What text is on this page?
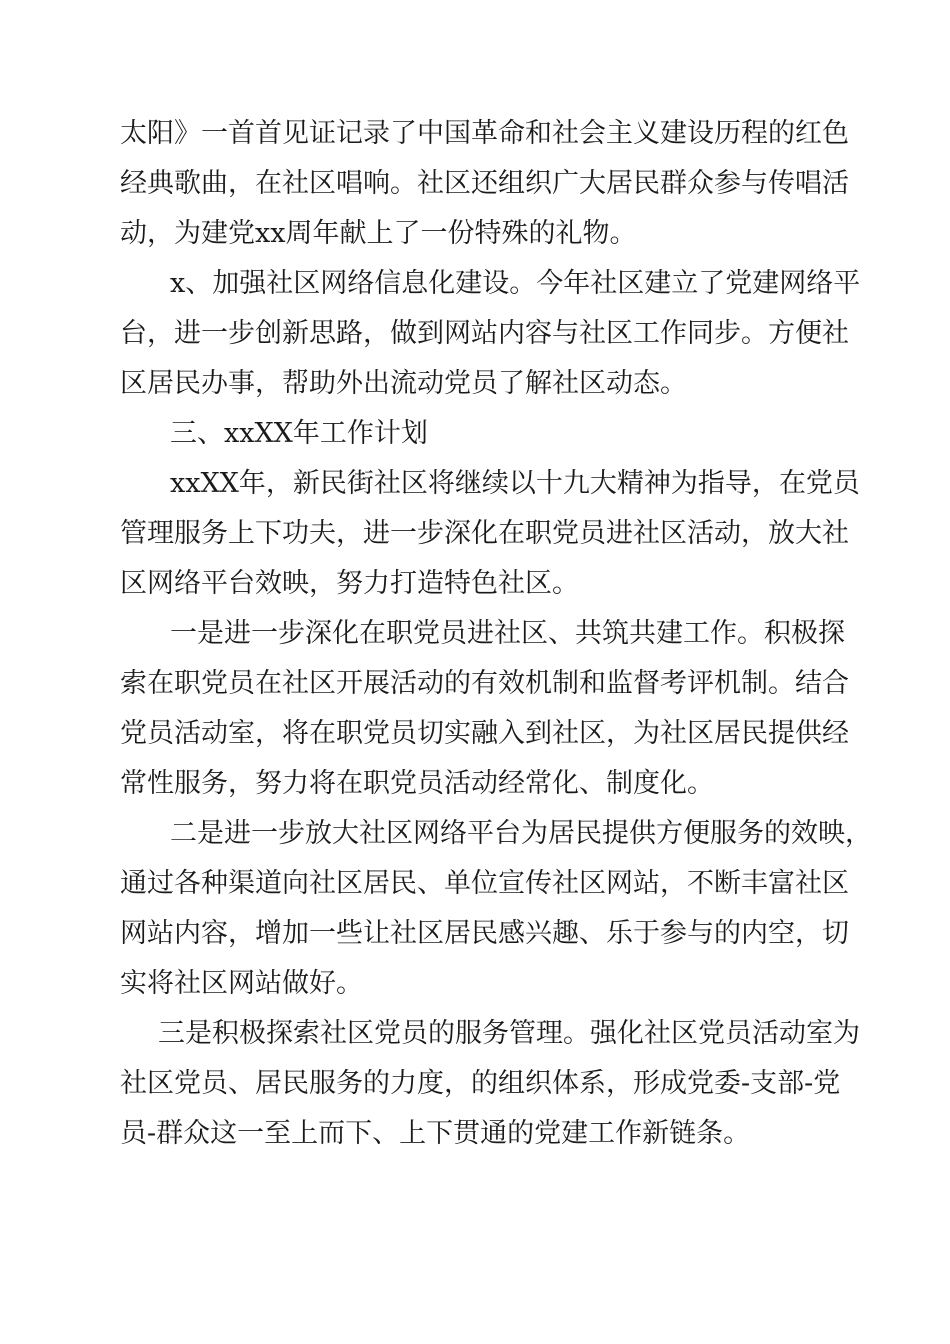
太阳》一首首见证记录了中国革命和社会主义建设历程的红色
经典歌曲，在社区唱响。社区还组织广大居民群众参与传唱活
动，为建党xx周年献上了一份特殊的礼物。
x、加强社区网络信息化建设。今年社区建立了党建网络平
台，进一步创新思路，做到网站内容与社区工作同步。方便社
区居民办事，帮助外出流动党员了解社区动态。
三、xxXX年工作计划
xxXX年，新民街社区将继续以十九大精神为指导，在党员
管理服务上下功夫，进一步深化在职党员进社区活动，放大社
区网络平台效映，努力打造特色社区。
一是进一步深化在职党员进社区、共筑共建工作。积极探
索在职党员在社区开展活动的有效机制和监督考评机制。结合
党员活动室，将在职党员切实融入到社区，为社区居民提供经
常性服务，努力将在职党员活动经常化、制度化。
二是进一步放大社区网络平台为居民提供方便服务的效映，
通过各种渠道向社区居民、单位宣传社区网站，不断丰富社区
网站内容，增加一些让社区居民感兴趣、乐于参与的内空，切
实将社区网站做好。
三是积极探索社区党员的服务管理。强化社区党员活动室为
社区党员、居民服务的力度，的组织体系，形成党委-支部-党
员-群众这一至上而下、上下贯通的党建工作新链条。
